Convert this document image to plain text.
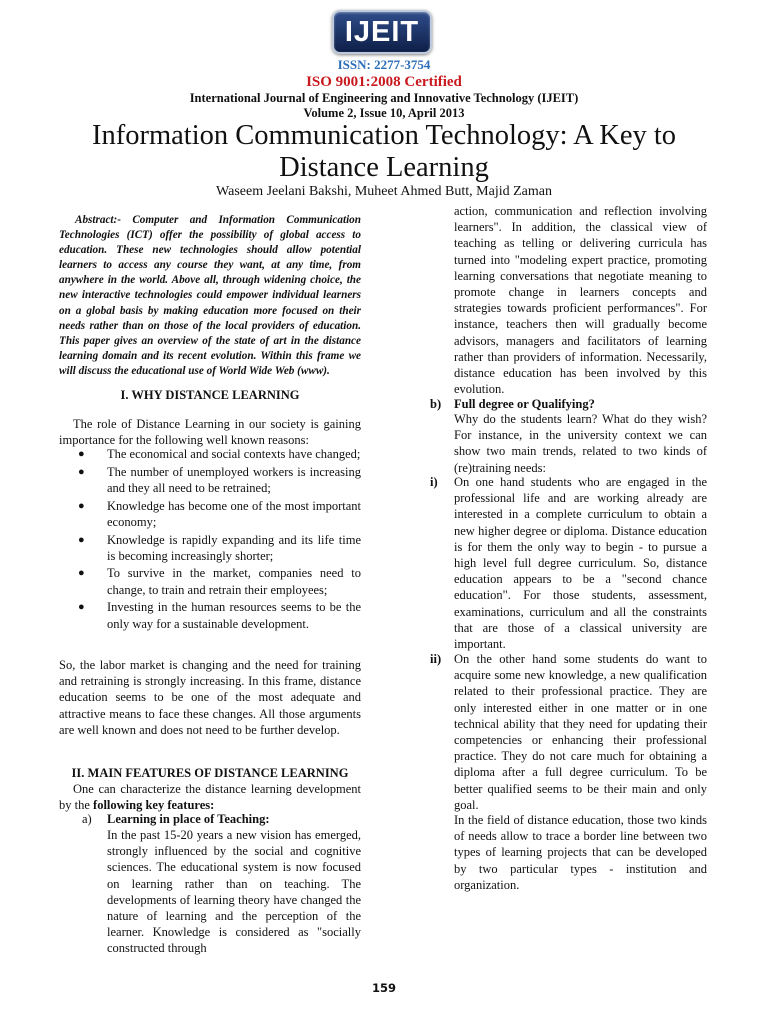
IJEIT
ISSN: 2277-3754
ISO 9001:2008 Certified
International Journal of Engineering and Innovative Technology (IJEIT)
Volume 2, Issue 10, April 2013
Information Communication Technology: A Key to
Distance Learning
Waseem Jeelani Bakshi, Muheet Ahmed Butt, Majid Zaman
Abstract:- Computer and Information Communication Technologies (ICT) offer the possibility of global access to education. These new technologies should allow potential learners to access any course they want, at any time, from anywhere in the world. Above all, through widening choice, the new interactive technologies could empower individual learners on a global basis by making education more focused on their needs rather than on those of the local providers of education. This paper gives an overview of the state of art in the distance learning domain and its recent evolution. Within this frame we will discuss the educational use of World Wide Web (www).
I. WHY DISTANCE LEARNING
The role of Distance Learning in our society is gaining importance for the following well known reasons:
● The economical and social contexts have changed;
● The number of unemployed workers is increasing and they all need to be retrained;
● Knowledge has become one of the most important economy;
● Knowledge is rapidly expanding and its life time is becoming increasingly shorter;
● To survive in the market, companies need to change, to train and retrain their employees;
● Investing in the human resources seems to be the only way for a sustainable development.
So, the labor market is changing and the need for training and retraining is strongly increasing. In this frame, distance education seems to be one of the most adequate and attractive means to face these changes. All those arguments are well known and does not need to be further develop.
II. MAIN FEATURES OF DISTANCE LEARNING
One can characterize the distance learning development by the following key features:
a) Learning in place of Teaching:
In the past 15-20 years a new vision has emerged, strongly influenced by the social and cognitive sciences. The educational system is now focused on learning rather than on teaching. The developments of learning theory have changed the nature of learning and the perception of the learner. Knowledge is considered as "socially constructed through
action, communication and reflection involving learners". In addition, the classical view of teaching as telling or delivering curricula has turned into "modeling expert practice, promoting learning conversations that negotiate meaning to promote change in learners concepts and strategies towards proficient performances". For instance, teachers then will gradually become advisors, managers and facilitators of learning rather than providers of information. Necessarily, distance education has been involved by this evolution.
b) Full degree or Qualifying?
Why do the students learn? What do they wish? For instance, in the university context we can show two main trends, related to two kinds of (re)training needs:
i) On one hand students who are engaged in the professional life and are working already are interested in a complete curriculum to obtain a new higher degree or diploma. Distance education is for them the only way to begin - to pursue a high level full degree curriculum. So, distance education appears to be a "second chance education". For those students, assessment, examinations, curriculum and all the constraints that are those of a classical university are important.
ii) On the other hand some students do want to acquire some new knowledge, a new qualification related to their professional practice. They are only interested either in one matter or in one technical ability that they need for updating their competencies or enhancing their professional practice. They do not care much for obtaining a diploma after a full degree curriculum. To be better qualified seems to be their main and only goal.
In the field of distance education, those two kinds of needs allow to trace a border line between two types of learning projects that can be developed by two particular types - institution and organization.
159
